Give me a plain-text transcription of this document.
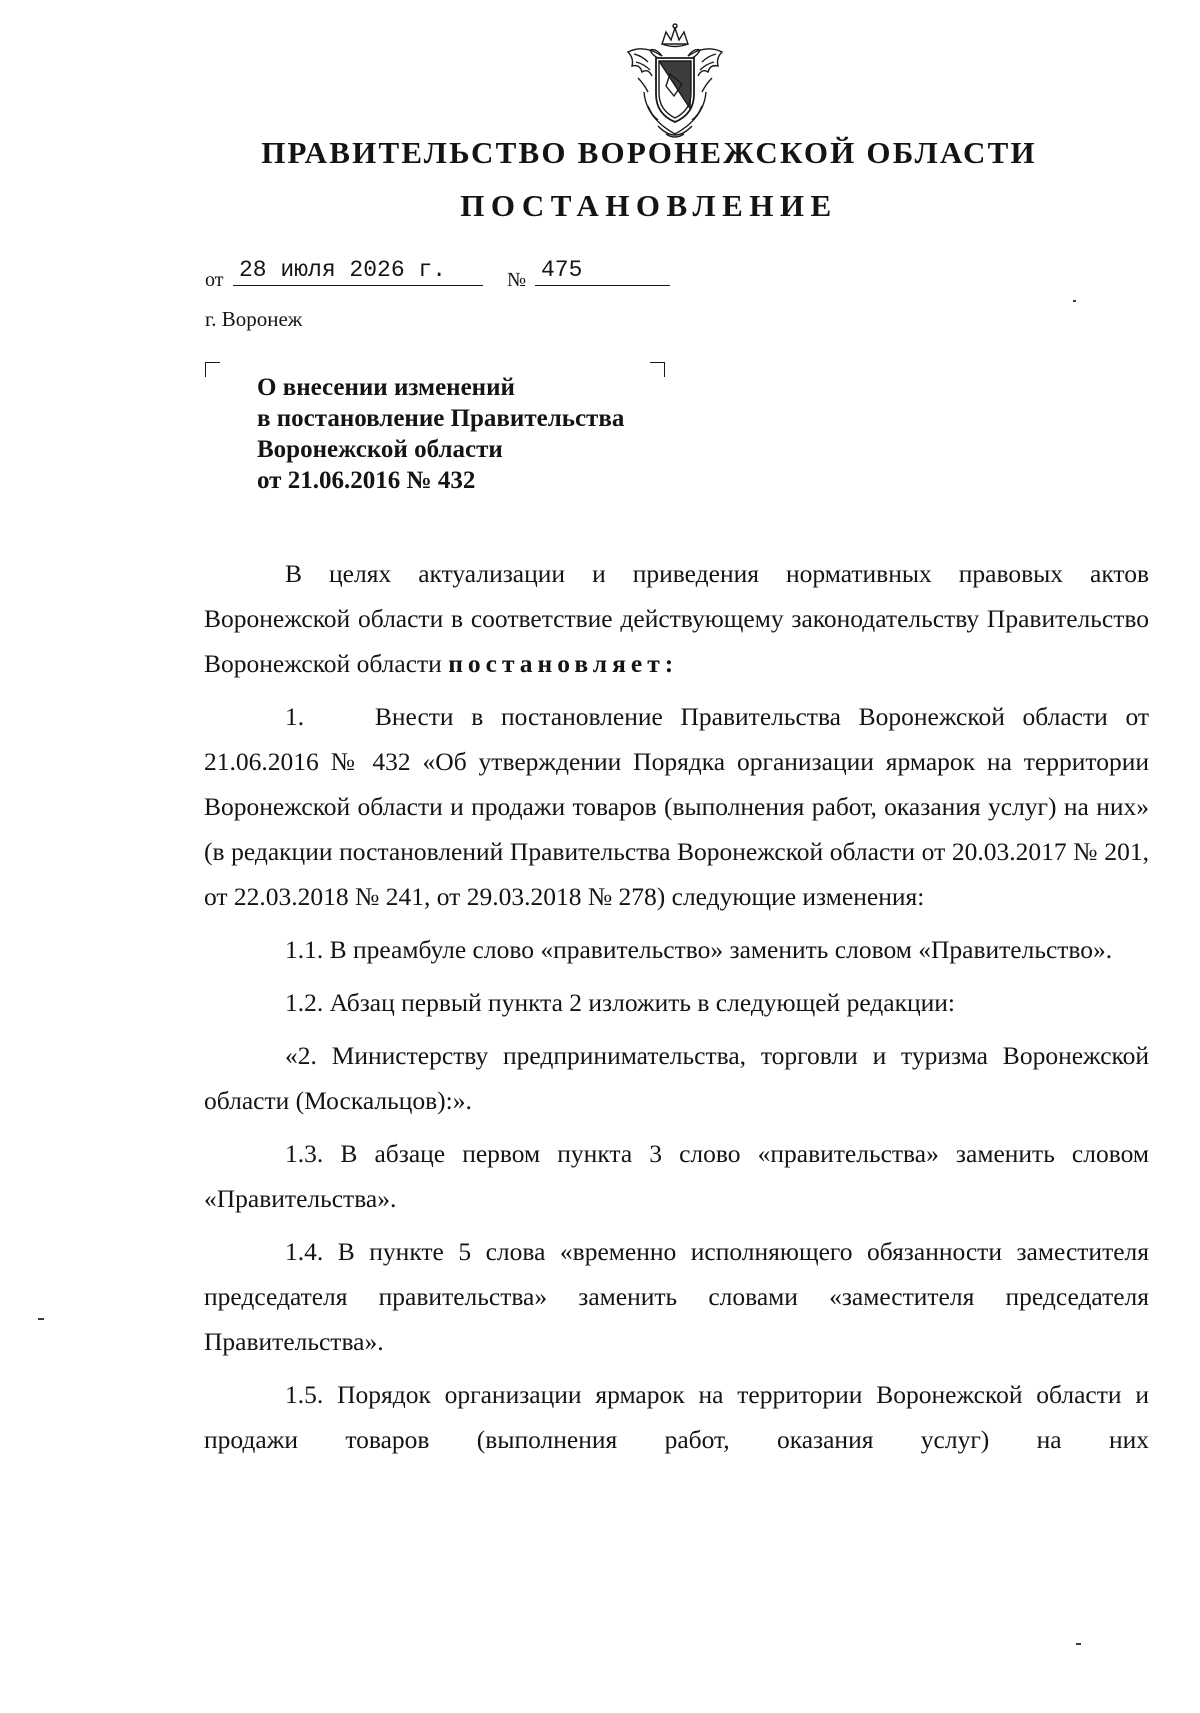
ПРАВИТЕЛЬСТВО ВОРОНЕЖСКОЙ ОБЛАСТИ
ПОСТАНОВЛЕНИЕ
от 28 июля 2026 г.	№ 475
г. Воронеж
О внесении изменений
в постановление Правительства
Воронежской области
от 21.06.2016 № 432

В целях актуализации и приведения нормативных правовых актов Воронежской области в соответствие действующему законодательству Правительство Воронежской области постановляет:

1.    Внести в постановление Правительства Воронежской области от 21.06.2016 № 432 «Об утверждении Порядка организации ярмарок на территории Воронежской области и продажи товаров (выполнения работ, оказания услуг) на них» (в редакции постановлений Правительства Воронежской области от 20.03.2017 № 201, от 22.03.2018 № 241, от 29.03.2018 № 278) следующие изменения:

1.1. В преамбуле слово «правительство» заменить словом «Правительство».

1.2. Абзац первый пункта 2 изложить в следующей редакции:

«2. Министерству предпринимательства, торговли и туризма Воронежской области (Москальцов):».

1.3. В абзаце первом пункта 3 слово «правительства» заменить словом «Правительства».

1.4. В пункте 5 слова «временно исполняющего обязанности заместителя председателя правительства» заменить словами «заместителя председателя Правительства».

1.5. Порядок организации ярмарок на территории Воронежской области и продажи товаров (выполнения работ, оказания услуг) на них
